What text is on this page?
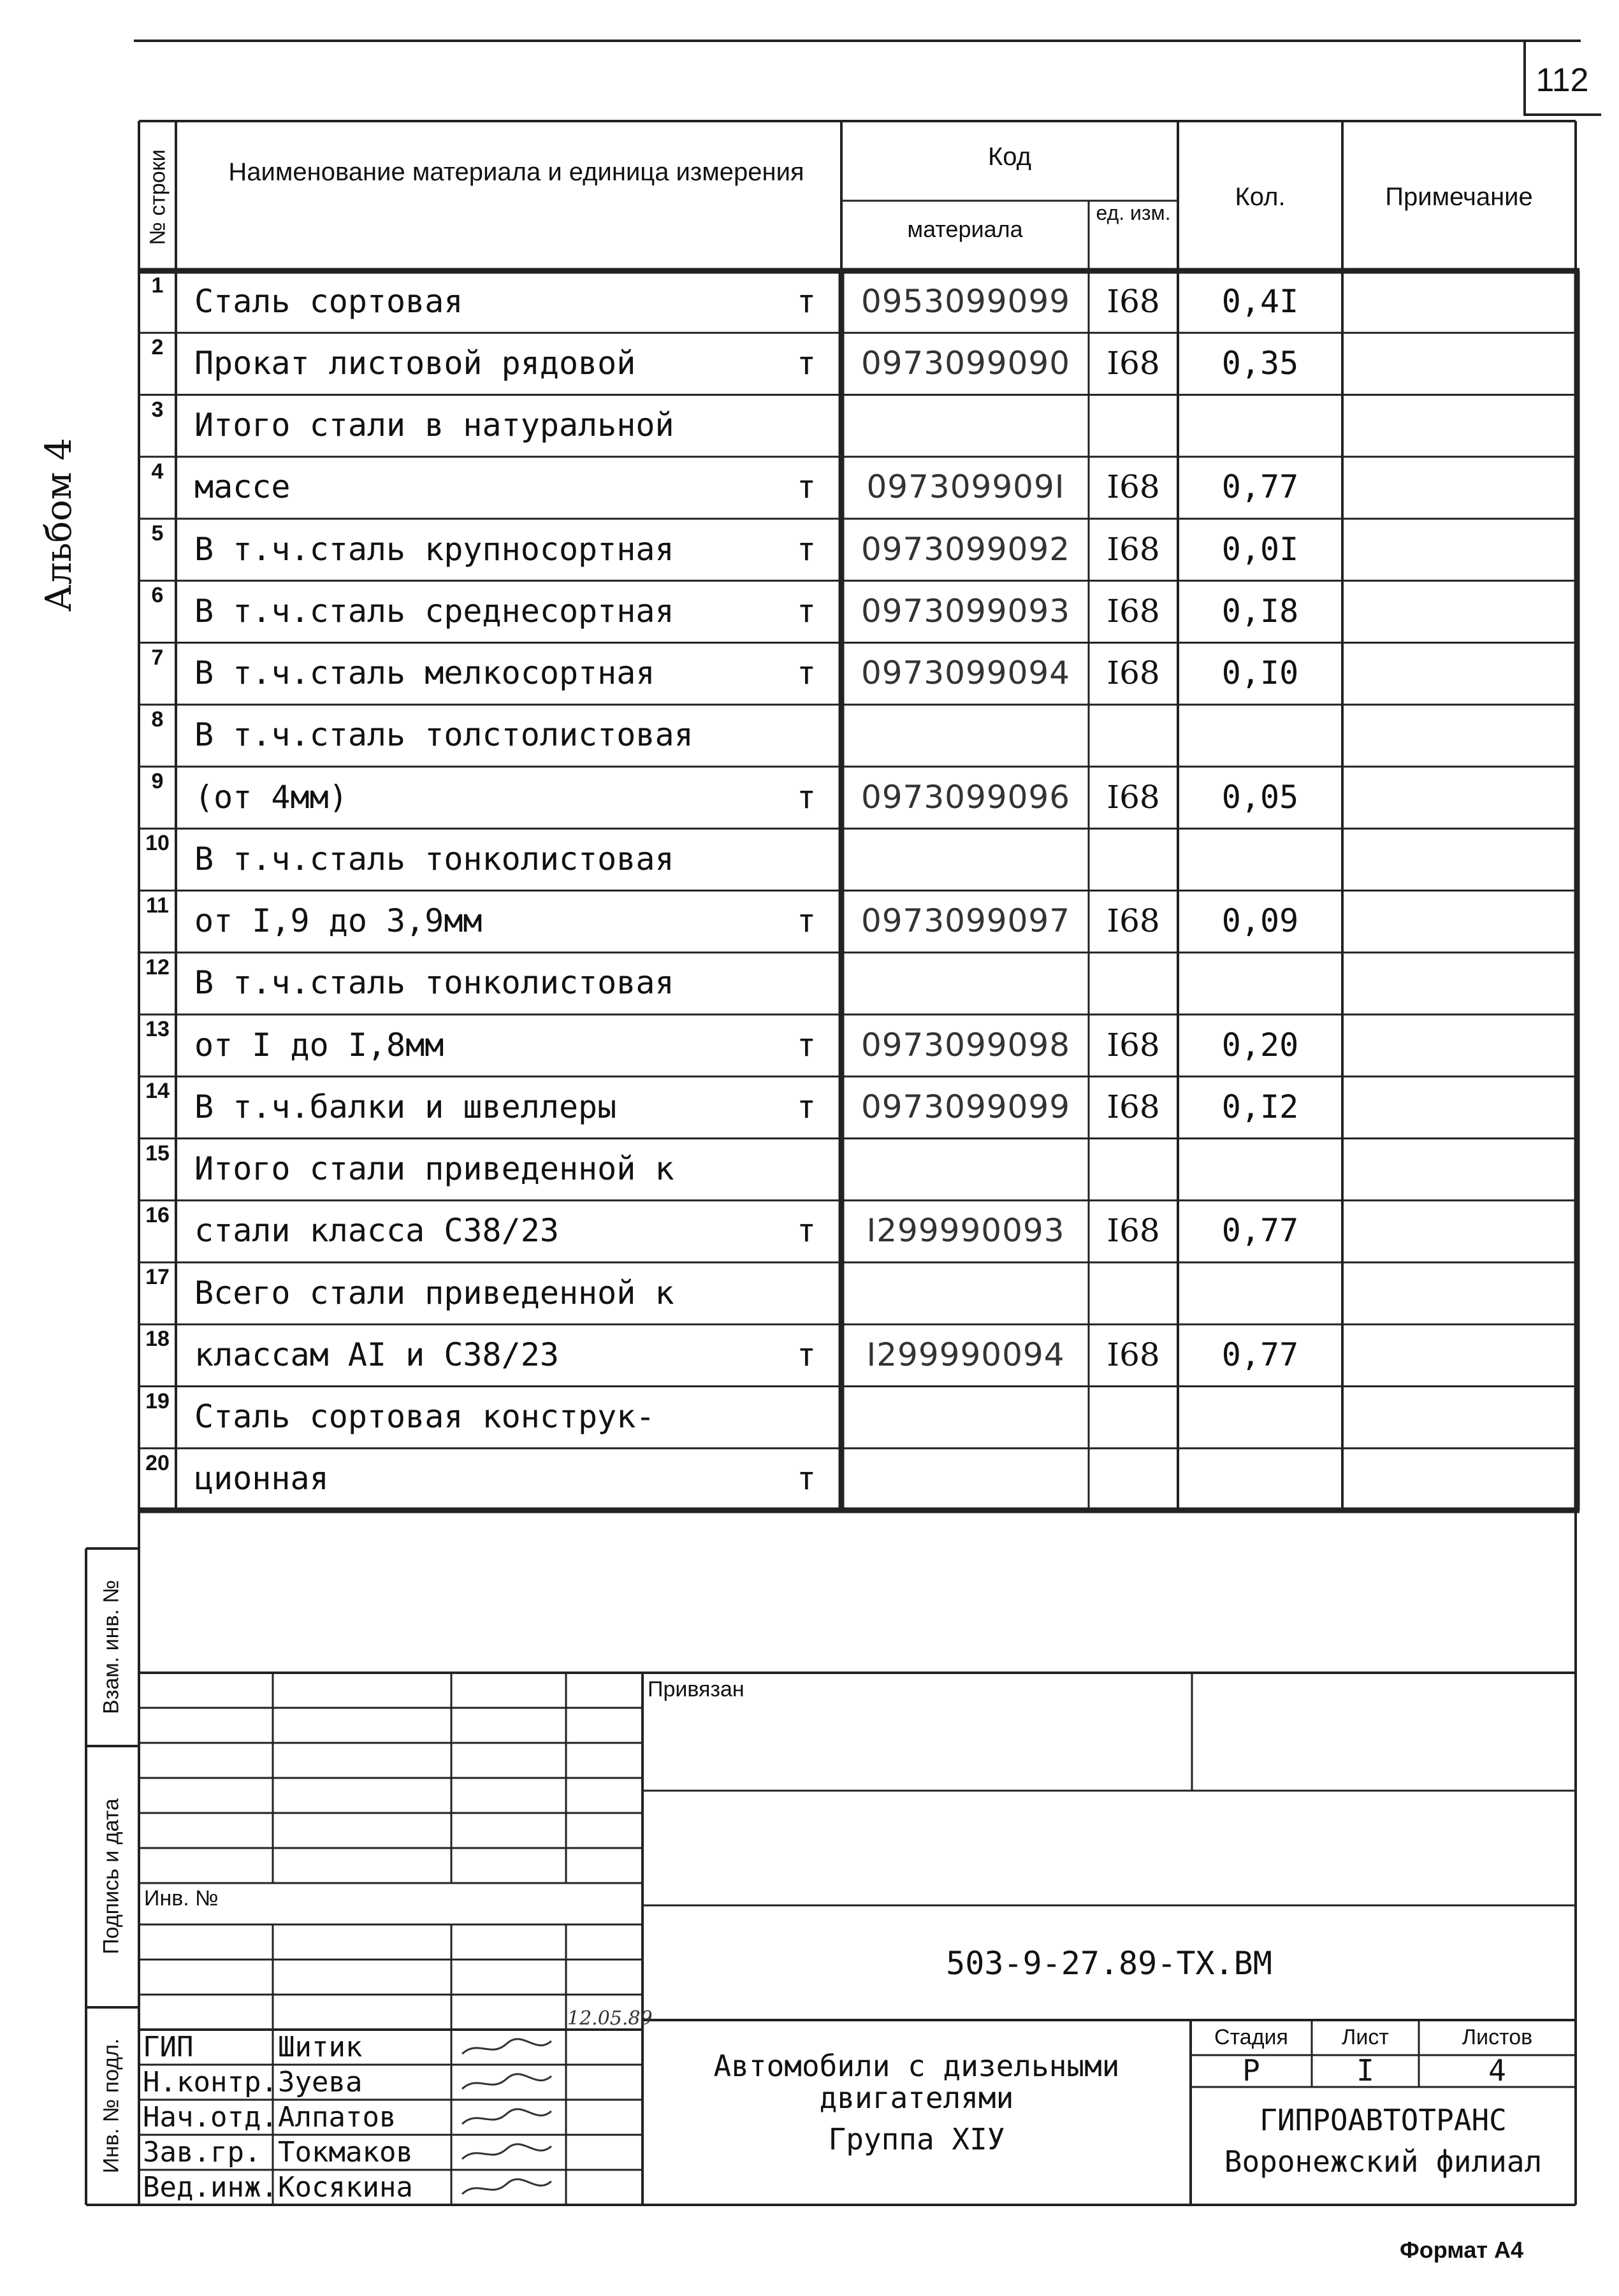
112
Альбом 4
Наименование материала и единица измерения
№ строки	Код
материала
ед. изм.
Кол.	Примечание
1 Сталь сортовая	т	0953099099	I68	0,4I
2 Прокат листовой рядовой	т	0973099090	I68	0,35
3 Итого стали в натуральной
4 массе	т	097309909I	I68	0,77
5 В т.ч.сталь крупносортная	т	0973099092	I68	0,0I
6 В т.ч.сталь среднесортная	т	0973099093	I68	0,I8
7 В т.ч.сталь мелкосортная	т	0973099094	I68	0,I0
8 В т.ч.сталь толстолистовая
9 (от 4мм)	т	0973099096	I68	0,05
10 В т.ч.сталь тонколистовая
11 от I,9 до 3,9мм	т	0973099097	I68	0,09
12 В т.ч.сталь тонколистовая
13 от I до I,8мм	т	0973099098	I68	0,20
14 В т.ч.балки и швеллеры	т	0973099099	I68	0,I2
15 Итого стали приведенной к
16 стали класса С38/23	т	I299990093	I68	0,77
17 Всего стали приведенной к
18 классам АI и С38/23	т	I299990094	I68	0,77
19 Сталь сортовая конструк-
20 ционная	т
Взам. инв. №
Подпись и дата
Инв. № подл.
Привязан
Инв. №
503-9-27.89-ТХ.ВМ
Автомобили с дизельными
двигателями
Группа XIУ
Стадия	Лист	Листов
Р	I	4
ГИПРОАВТОТРАНС
Воронежский филиал
12.05.89
ГИП	Шитик
Н.контр. Зуева
Нач.отд. Алпатов
Зав.гр. Токмаков
Вед.инж. Косякина
Формат А4
